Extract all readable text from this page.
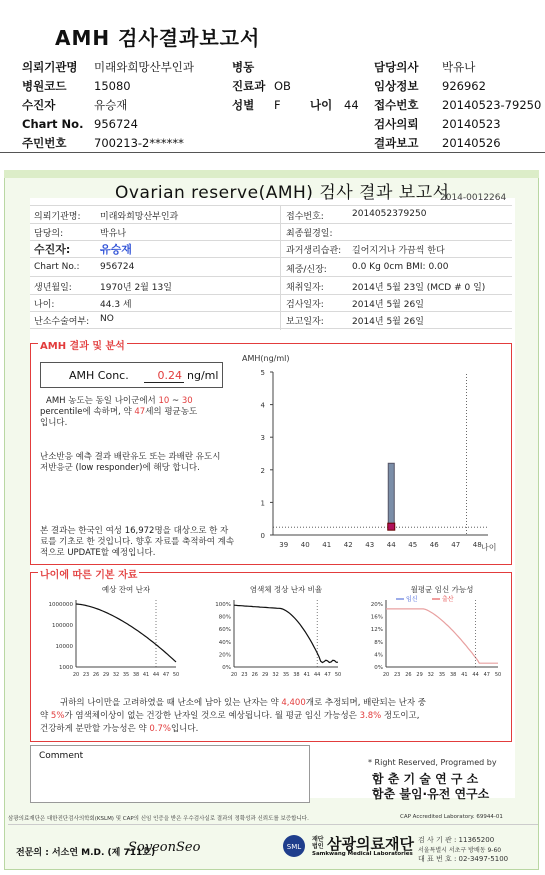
AMH 검사결과보고서
의뢰기관명 미래와희망산부인과	병동	담당의사 박유나
병원코드 15080	진료과 OB	임상정보 926962
수진자	유승재	성별 F	나이 44 접수번호 20140523-79250
Chart No. 956724	검사의뢰 20140523
주민번호 700213-2******	결과보고 20140526
Ovarian reserve(AMH) 검사 결과 보고서
2014-0012264
의뢰기관명: 미래와희망산부인과
담당의:	박유나
수진자:	유승재
Chart No.: 956724
생년월일:	1970년 2월 13일
나이:	44.3 세
난소수술여부: NO
접수번호:	2014052379250
최종월경일:
과거생리습관: 길어지거나 가끔씩 한다
체중/신장:	0.0 Kg 0cm BMI: 0.00
채취일자:	2014년 5월 23일 (MCD # 0 일)
검사일자:	2014년 5월 26일
보고일자:	2014년 5월 26일
AMH 결과 및 분석
AMH Conc.	0.24 ng/ml
AMH 농도는 동일 나이군에서 10 ~ 30
percentile에 속하며, 약 47세의 평균농도
입니다.
난소반응 예측 결과 배란유도 또는 과배란 유도시 저반응군 (low responder)에 해당 합니다.
본 결과는 한국인 여성 16,972명을 대상으로 한 자료를 기초로 한 것입니다. 향후 자료를 축적하여 계속적으로 UPDATE할 예정입니다.
AMH(ng/ml)
0
1
2
3
4
5
39 40 41 42 43 44 45 46 47 48 나이
나이에 따른 기본 자료
예상 잔여 난자
1000000
100000
10000
1000
20 23 26 29 32 35 38 41 44 47 50
염색체 정상 난자 비율
100%
80%
60%
40%
20%
0%
20 23 26 29 32 35 38 41 44 47 50
월평균 임신 가능성
20%
16%
12%
8%
4%
0%
20 23 26 29 32 35 38 41 44 47 50
임신	출산
귀하의 나이만을 고려하였을 때 난소에 남아 있는 난자는 약 4,400개로 추정되며, 배란되는 난자 중
약 5%가 염색체이상이 없는 건강한 난자일 것으로 예상됩니다. 월 평균 임신 가능성은 3.8% 정도이고,
건강하게 분만할 가능성은 약 0.7%입니다.
Comment
* Right Reserved, Programed by
함 춘 기 술 연 구 소
함춘 불임·유전 연구소
삼광의료재단은 대한진단검사의학회(KSLM) 및 CAP의 신임 인증을 받은 우수검사실로 결과의 정확성과 신뢰도를 보증합니다.	CAP Accredited Laboratory. 69944-01
전문의 : 서소연 M.D. (제 711호)
SoyeonSeo	SML
재단법인 삼광의료재단
Samkwang Medical Laboratories
검 사 기 관 : 11365200
서울특별시 서초구 방배동 9-60
대 표 번 호 : 02-3497-5100
